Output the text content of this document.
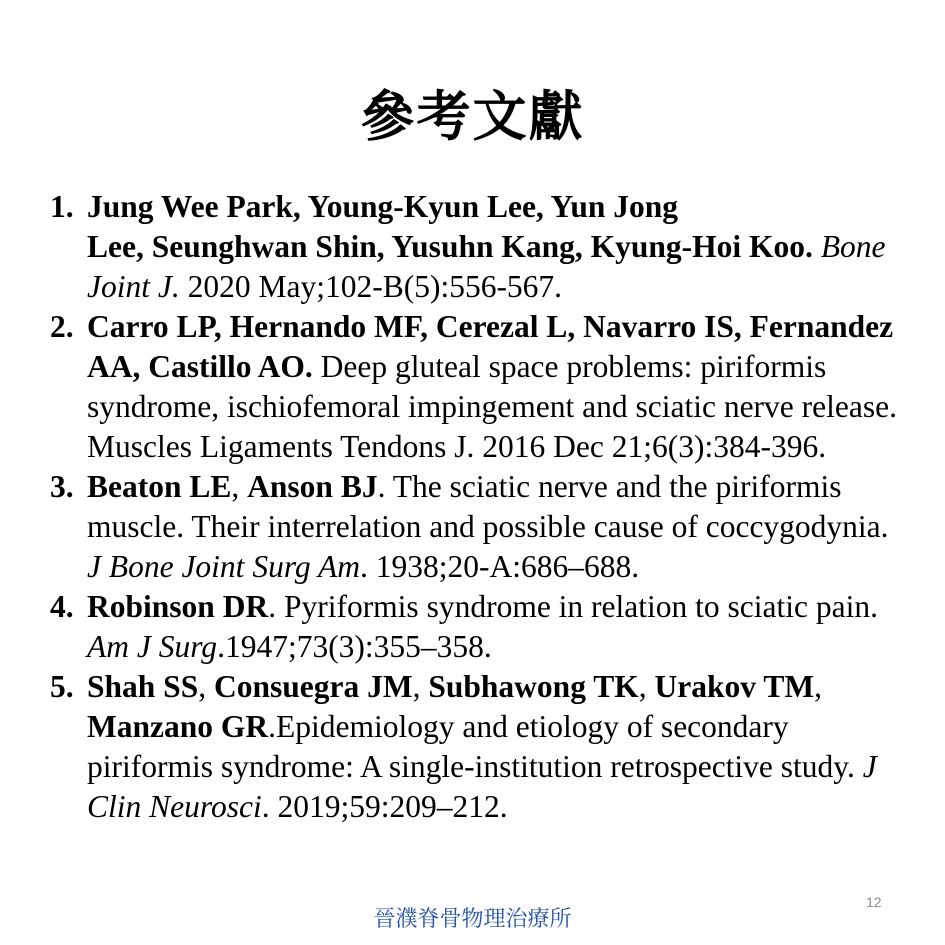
參考文獻
1. Jung Wee Park, Young-Kyun Lee, Yun Jong
Lee, Seunghwan Shin, Yusuhn Kang, Kyung-Hoi Koo. Bone
Joint J. 2020 May;102-B(5):556-567.
2. Carro LP, Hernando MF, Cerezal L, Navarro IS, Fernandez
AA, Castillo AO. Deep gluteal space problems: piriformis
syndrome, ischiofemoral impingement and sciatic nerve release.
Muscles Ligaments Tendons J. 2016 Dec 21;6(3):384-396.
3. Beaton LE, Anson BJ. The sciatic nerve and the piriformis
muscle. Their interrelation and possible cause of coccygodynia.
J Bone Joint Surg Am. 1938;20-A:686–688.
4. Robinson DR. Pyriformis syndrome in relation to sciatic pain.
Am J Surg.1947;73(3):355–358.
5. Shah SS, Consuegra JM, Subhawong TK, Urakov TM,
Manzano GR.Epidemiology and etiology of secondary
piriformis syndrome: A single-institution retrospective study. J
Clin Neurosci. 2019;59:209–212.
12
晉濮脊骨物理治療所
